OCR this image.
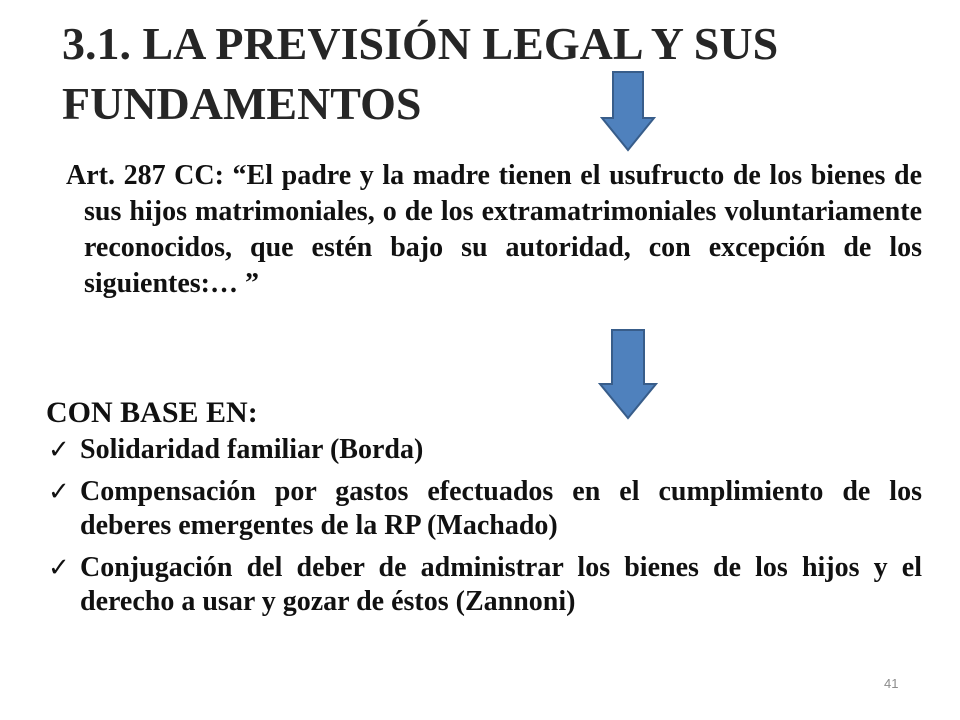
3.1. LA PREVISIÓN LEGAL Y SUS
FUNDAMENTOS
Art. 287 CC: “El padre y la madre tienen el usufructo de los bienes de sus hijos matrimoniales, o de los extramatrimoniales voluntariamente reconocidos, que estén bajo su autoridad, con excepción de los siguientes:… ”
CON BASE EN:
✓ Solidaridad familiar (Borda)
✓ Compensación por gastos efectuados en el cumplimiento de los deberes emergentes de la RP (Machado)
✓ Conjugación del deber de administrar los bienes de los hijos y el derecho a usar y gozar de éstos (Zannoni)
41
